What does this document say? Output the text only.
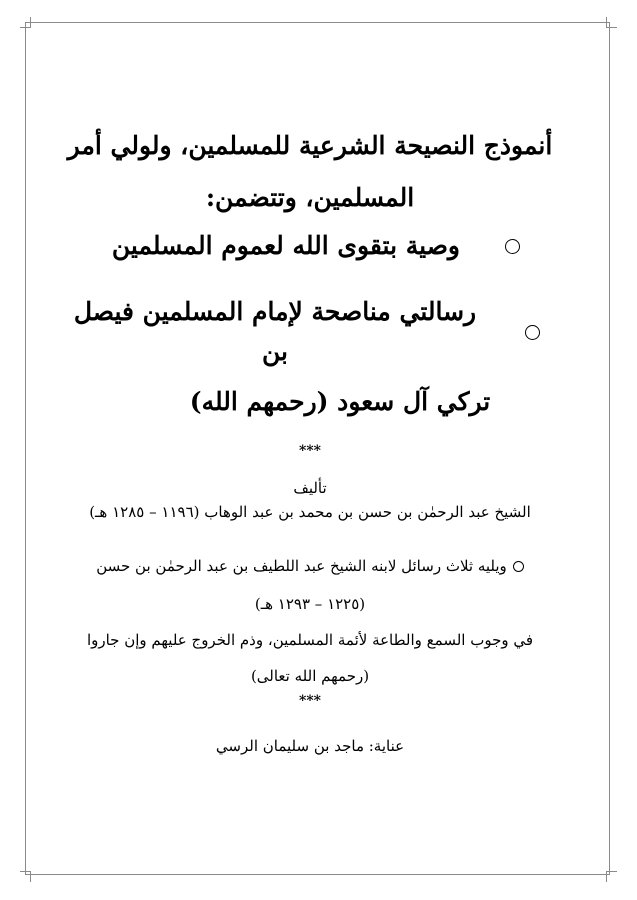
أنموذج النصيحة الشرعية للمسلمين، ولولي أمر

المسلمين، وتتضمن:

وصية بتقوى الله لعموم المسلمين
رسالتي مناصحة لإمام المسلمين فيصل بن
تركي آل سعود (رحمهم الله)
***
تأليف
الشيخ عبد الرحمٰن بن حسن بن محمد بن عبد الوهاب (١١٩٦ – ١٢٨٥ هـ)
ويليه ثلاث رسائل لابنه الشيخ عبد اللطيف بن عبد الرحمٰن بن حسن
(١٢٢٥ – ١٢٩٣ هـ)
في وجوب السمع والطاعة لأئمة المسلمين، وذم الخروج عليهم وإن جاروا
(رحمهم الله تعالى)
***
عناية: ماجد بن سليمان الرسي
